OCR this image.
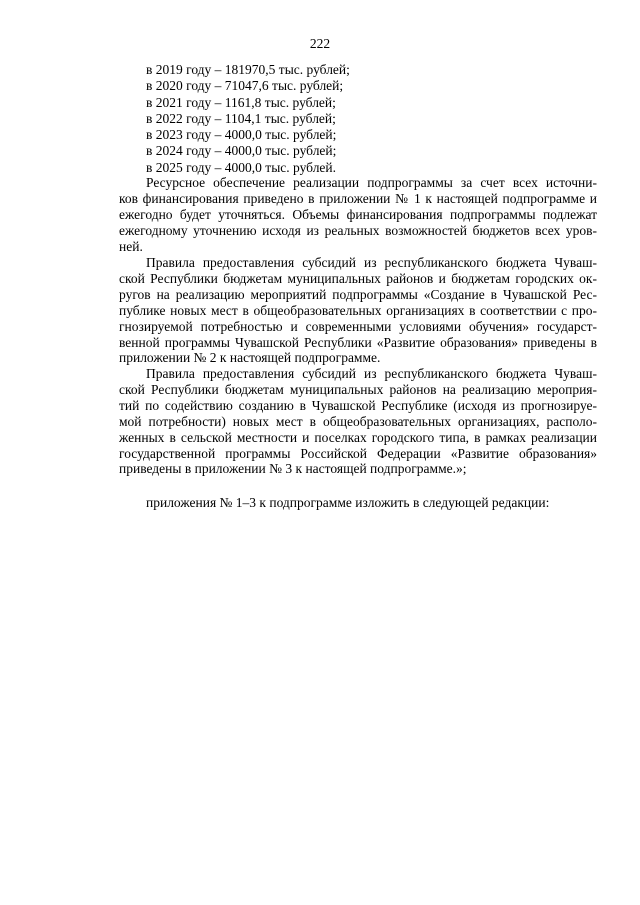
222
в 2019 году – 181970,5 тыс. рублей;
в 2020 году – 71047,6 тыс. рублей;
в 2021 году – 1161,8 тыс. рублей;
в 2022 году – 1104,1 тыс. рублей;
в 2023 году – 4000,0 тыс. рублей;
в 2024 году – 4000,0 тыс. рублей;
в 2025 году – 4000,0 тыс. рублей.
Ресурсное обеспечение реализации подпрограммы за счет всех источни-
ков финансирования приведено в приложении № 1 к настоящей подпрограмме и
ежегодно будет уточняться. Объемы финансирования подпрограммы подлежат
ежегодному уточнению исходя из реальных возможностей бюджетов всех уров-
ней.
Правила предоставления субсидий из республиканского бюджета Чуваш-
ской Республики бюджетам муниципальных районов и бюджетам городских ок-
ругов на реализацию мероприятий подпрограммы «Создание в Чувашской Рес-
публике новых мест в общеобразовательных организациях в соответствии с про-
гнозируемой потребностью и современными условиями обучения» государст-
венной программы Чувашской Республики «Развитие образования» приведены в
приложении № 2 к настоящей подпрограмме.
Правила предоставления субсидий из республиканского бюджета Чуваш-
ской Республики бюджетам муниципальных районов на реализацию мероприя-
тий по содействию созданию в Чувашской Республике (исходя из прогнозируе-
мой потребности) новых мест в общеобразовательных организациях, располо-
женных в сельской местности и поселках городского типа, в рамках реализации
государственной программы Российской Федерации «Развитие образования»
приведены в приложении № 3 к настоящей подпрограмме.»;
приложения № 1–3 к подпрограмме изложить в следующей редакции:
